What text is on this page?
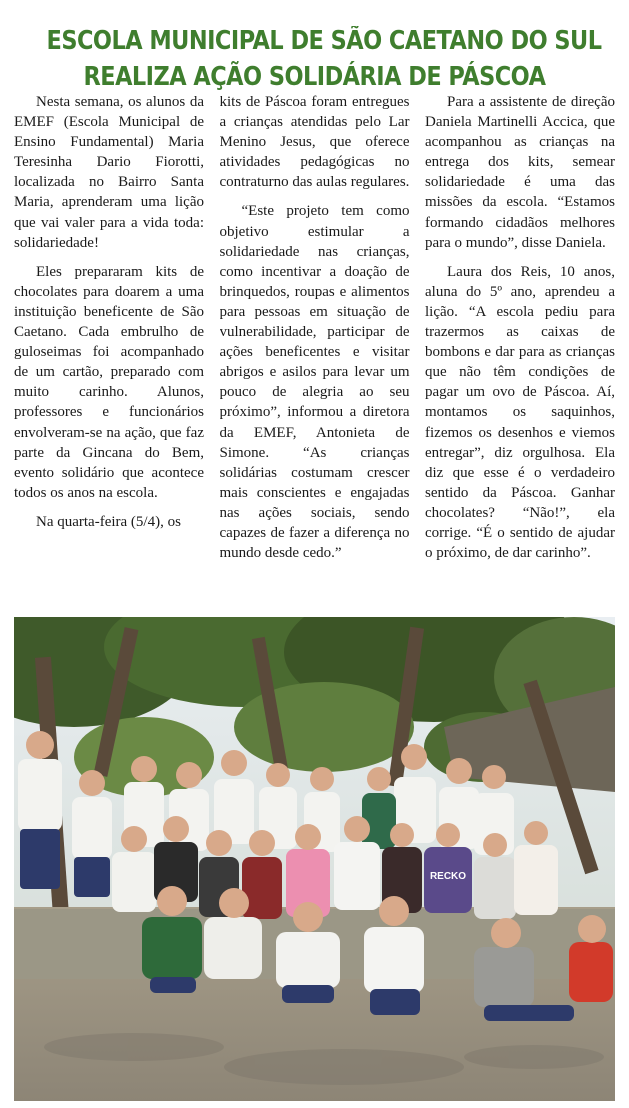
ESCOLA MUNICIPAL DE SÃO CAETANO DO SUL
REALIZA AÇÃO SOLIDÁRIA DE PÁSCOA

Nesta semana, os alunos da EMEF (Escola Municipal de Ensino Fundamental) Maria Teresinha Dario Fiorotti, localizada no Bairro Santa Maria, aprenderam uma lição que vai valer para a vida toda: solidariedade!

Eles prepararam kits de chocolates para doarem a uma instituição beneficente de São Caetano. Cada embrulho de guloseimas foi acompanhado de um cartão, preparado com muito carinho. Alunos, professores e funcionários envolveram-se na ação, que faz parte da Gincana do Bem, evento solidário que acontece todos os anos na escola.

Na quarta-feira (5/4), os

kits de Páscoa foram entregues a crianças atendidas pelo Lar Menino Jesus, que oferece atividades pedagógicas no contraturno das aulas regulares.

“Este projeto tem como objetivo estimular a solidariedade nas crianças, como incentivar a doação de brinquedos, roupas e alimentos para pessoas em situação de vulnerabilidade, participar de ações beneficentes e visitar abrigos e asilos para levar um pouco de alegria ao seu próximo”, informou a diretora da EMEF, Antonieta de Simone. “As crianças solidárias costumam crescer mais conscientes e engajadas nas ações sociais, sendo capazes de fazer a diferença no mundo desde cedo.”

Para a assistente de direção Daniela Martinelli Accica, que acompanhou as crianças na entrega dos kits, semear solidariedade é uma das missões da escola. “Estamos formando cidadãos melhores para o mundo”, disse Daniela.

Laura dos Reis, 10 anos, aluna do 5º ano, aprendeu a lição. “A escola pediu para trazermos as caixas de bombons e dar para as crianças que não têm condições de pagar um ovo de Páscoa. Aí, montamos os saquinhos, fizemos os desenhos e viemos entregar”, diz orgulhosa. Ela diz que esse é o verdadeiro sentido da Páscoa. Ganhar chocolates? “Não!”, ela corrige. “É o sentido de ajudar o próximo, de dar carinho”.

RECKO
